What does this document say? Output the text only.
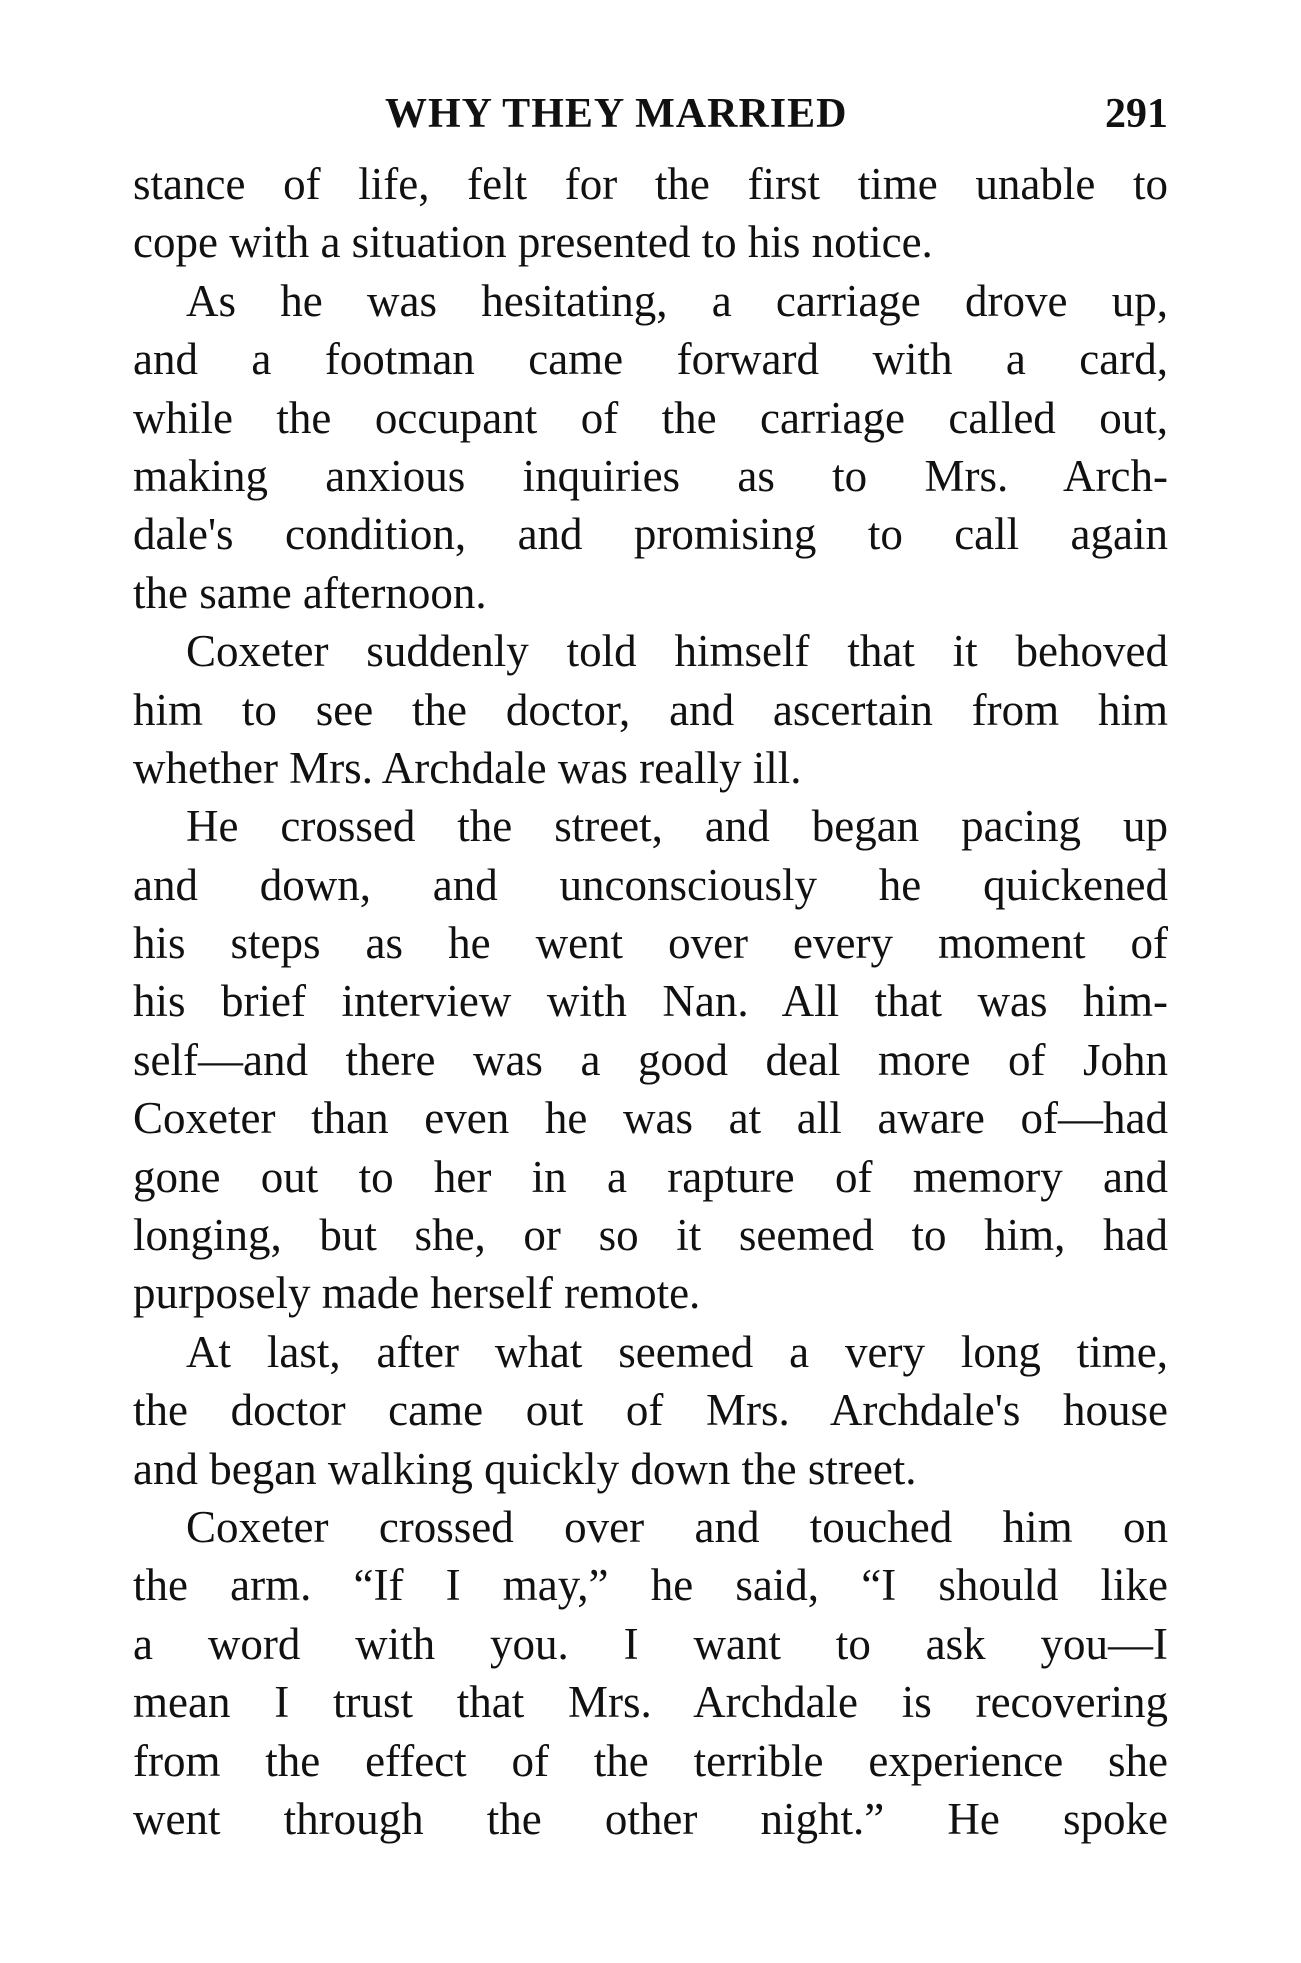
WHY THEY MARRIED	291
stance of life, felt for the first time unable to
cope with a situation presented to his notice.
As he was hesitating, a carriage drove up,
and a footman came forward with a card,
while the occupant of the carriage called out,
making anxious inquiries as to Mrs. Arch-
dale's condition, and promising to call again
the same afternoon.
Coxeter suddenly told himself that it behoved
him to see the doctor, and ascertain from him
whether Mrs. Archdale was really ill.
He crossed the street, and began pacing up
and down, and unconsciously he quickened
his steps as he went over every moment of
his brief interview with Nan. All that was him-
self—and there was a good deal more of John
Coxeter than even he was at all aware of—had
gone out to her in a rapture of memory and
longing, but she, or so it seemed to him, had
purposely made herself remote.
At last, after what seemed a very long time,
the doctor came out of Mrs. Archdale's house
and began walking quickly down the street.
Coxeter crossed over and touched him on
the arm. “If I may,” he said, “I should like
a word with you. I want to ask you—I
mean I trust that Mrs. Archdale is recovering
from the effect of the terrible experience she
went through the other night.” He spoke
